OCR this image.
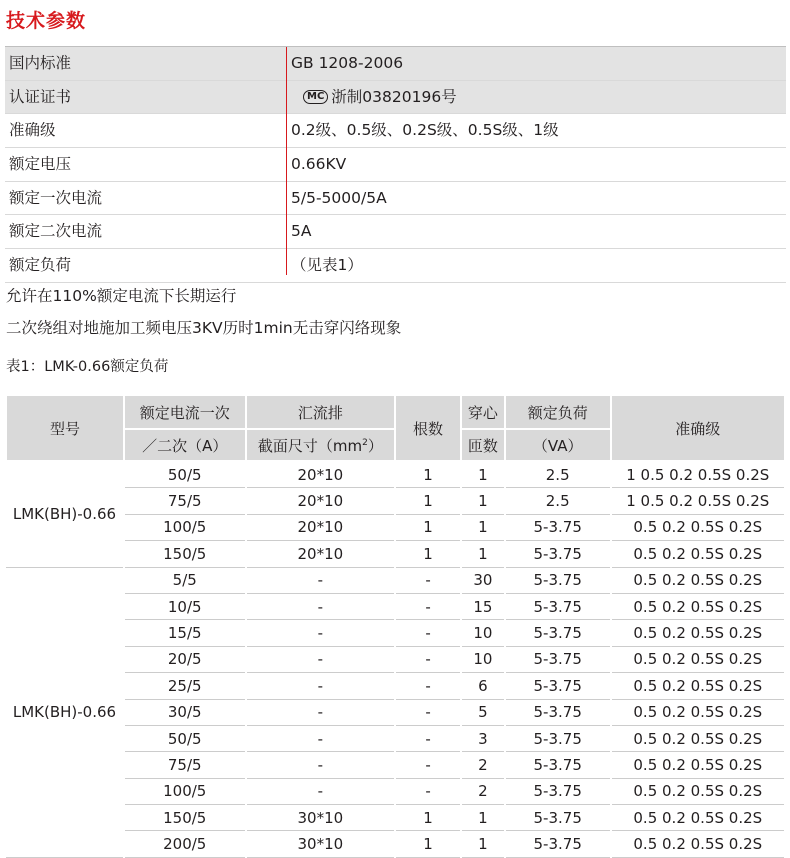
技术参数
国内标准	GB 1208-2006
认证证书	MC 浙制03820196号
准确级	0.2级、0.5级、0.2S级、0.5S级、1级
额定电压	0.66KV
额定一次电流	5/5-5000/5A
额定二次电流	5A
额定负荷	（见表1）
允许在110%额定电流下长期运行
二次绕组对地施加工频电压3KV历时1min无击穿闪络现象
表1：LMK-0.66额定负荷
型号	额定电流一次	汇流排	根数	穿心	额定负荷	准确级
	／二次（A）	截面尺寸$(mm^2)$		匝数	（VA）	
LMK(BH)-0.66	50/5	20*10	1	1	2.5	1 0.5 0.2 0.5S 0.2S
	75/5	20*10	1	1	2.5	1 0.5 0.2 0.5S 0.2S
	100/5	20*10	1	1	5-3.75	0.5 0.2 0.5S 0.2S
	150/5	20*10	1	1	5-3.75	0.5 0.2 0.5S 0.2S
LMK(BH)-0.66	5/5	-	-	30	5-3.75	0.5 0.2 0.5S 0.2S
	10/5	-	-	15	5-3.75	0.5 0.2 0.5S 0.2S
	15/5	-	-	10	5-3.75	0.5 0.2 0.5S 0.2S
	20/5	-	-	10	5-3.75	0.5 0.2 0.5S 0.2S
	25/5	-	-	6	5-3.75	0.5 0.2 0.5S 0.2S
	30/5	-	-	5	5-3.75	0.5 0.2 0.5S 0.2S
	50/5	-	-	3	5-3.75	0.5 0.2 0.5S 0.2S
	75/5	-	-	2	5-3.75	0.5 0.2 0.5S 0.2S
	100/5	-	-	2	5-3.75	0.5 0.2 0.5S 0.2S
	150/5	30*10	1	1	5-3.75	0.5 0.2 0.5S 0.2S
	200/5	30*10	1	1	5-3.75	0.5 0.2 0.5S 0.2S
